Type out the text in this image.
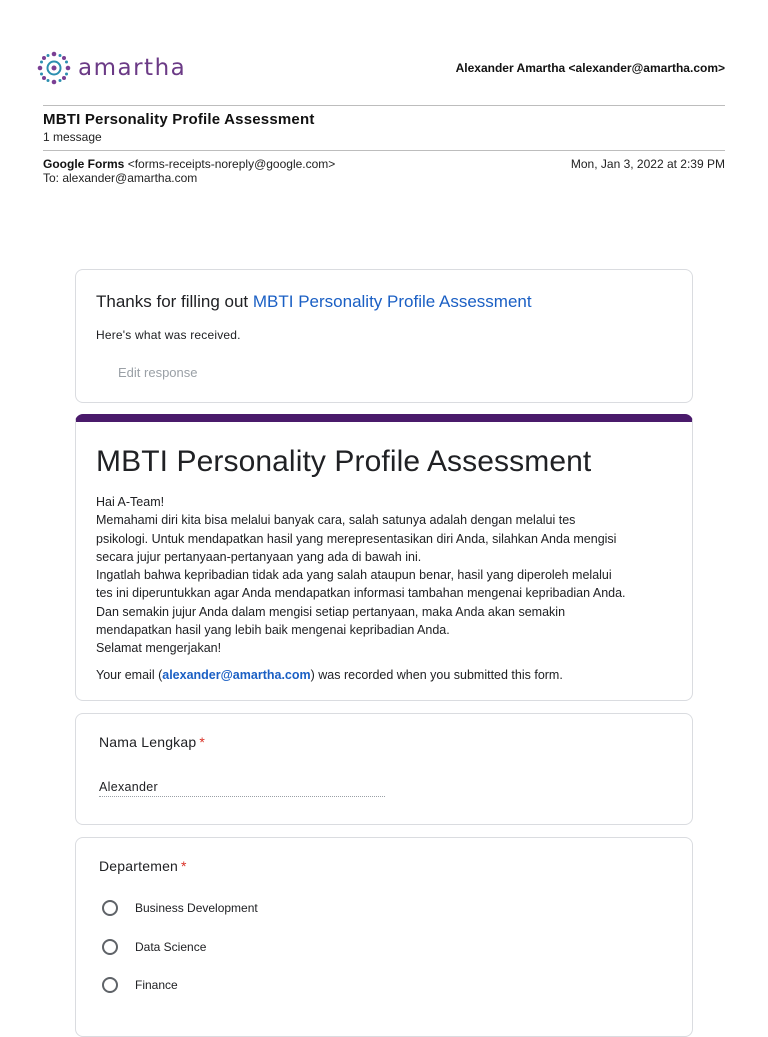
amartha	Alexander Amartha <alexander@amartha.com>
MBTI Personality Profile Assessment
1 message
Google Forms <forms-receipts-noreply@google.com>	Mon, Jan 3, 2022 at 2:39 PM
To: alexander@amartha.com
Thanks for filling out MBTI Personality Profile Assessment
Here's what was received.
Edit response
MBTI Personality Profile Assessment
Hai A-Team!
Memahami diri kita bisa melalui banyak cara, salah satunya adalah dengan melalui tes
psikologi. Untuk mendapatkan hasil yang merepresentasikan diri Anda, silahkan Anda mengisi
secara jujur pertanyaan-pertanyaan yang ada di bawah ini.
Ingatlah bahwa kepribadian tidak ada yang salah ataupun benar, hasil yang diperoleh melalui
tes ini diperuntukkan agar Anda mendapatkan informasi tambahan mengenai kepribadian Anda.
Dan semakin jujur Anda dalam mengisi setiap pertanyaan, maka Anda akan semakin
mendapatkan hasil yang lebih baik mengenai kepribadian Anda.
Selamat mengerjakan!
Your email (alexander@amartha.com) was recorded when you submitted this form.
Nama Lengkap *
Alexander
Departemen *
Business Development
Data Science
Finance
